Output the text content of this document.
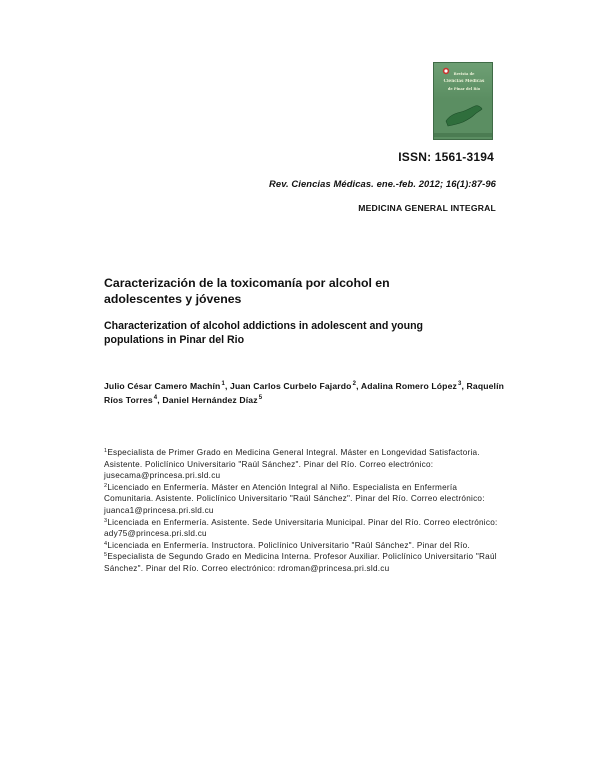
Revista de
Ciencias Médicas
de Pinar del Río
ISSN: 1561-3194
Rev. Ciencias Médicas. ene.-feb. 2012; 16(1):87-96
MEDICINA GENERAL INTEGRAL
Caracterización de la toxicomanía por alcohol en
adolescentes y jóvenes
Characterization of alcohol addictions in adolescent and young
populations in Pinar del Rio
Julio César Camero Machín$^1$, Juan Carlos Curbelo Fajardo$^2$, Adalina Romero López$^3$, Raquelín Ríos Torres$^4$, Daniel Hernández Díaz$^5$
$^1$Especialista de Primer Grado en Medicina General Integral. Máster en Longevidad Satisfactoria. Asistente. Policlínico Universitario "Raúl Sánchez". Pinar del Río. Correo electrónico: jusecama@princesa.pri.sld.cu
$^2$Licenciado en Enfermería. Máster en Atención Integral al Niño. Especialista en Enfermería Comunitaria. Asistente. Policlínico Universitario "Raúl Sánchez". Pinar del Río. Correo electrónico: juanca1@princesa.pri.sld.cu
$^3$Licenciada en Enfermería. Asistente. Sede Universitaria Municipal. Pinar del Río. Correo electrónico: ady75@princesa.pri.sld.cu
$^4$Licenciada en Enfermería. Instructora. Policlínico Universitario "Raúl Sánchez". Pinar del Río.
$^5$Especialista de Segundo Grado en Medicina Interna. Profesor Auxiliar. Policlínico Universitario "Raúl Sánchez". Pinar del Río. Correo electrónico: rdroman@princesa.pri.sld.cu
